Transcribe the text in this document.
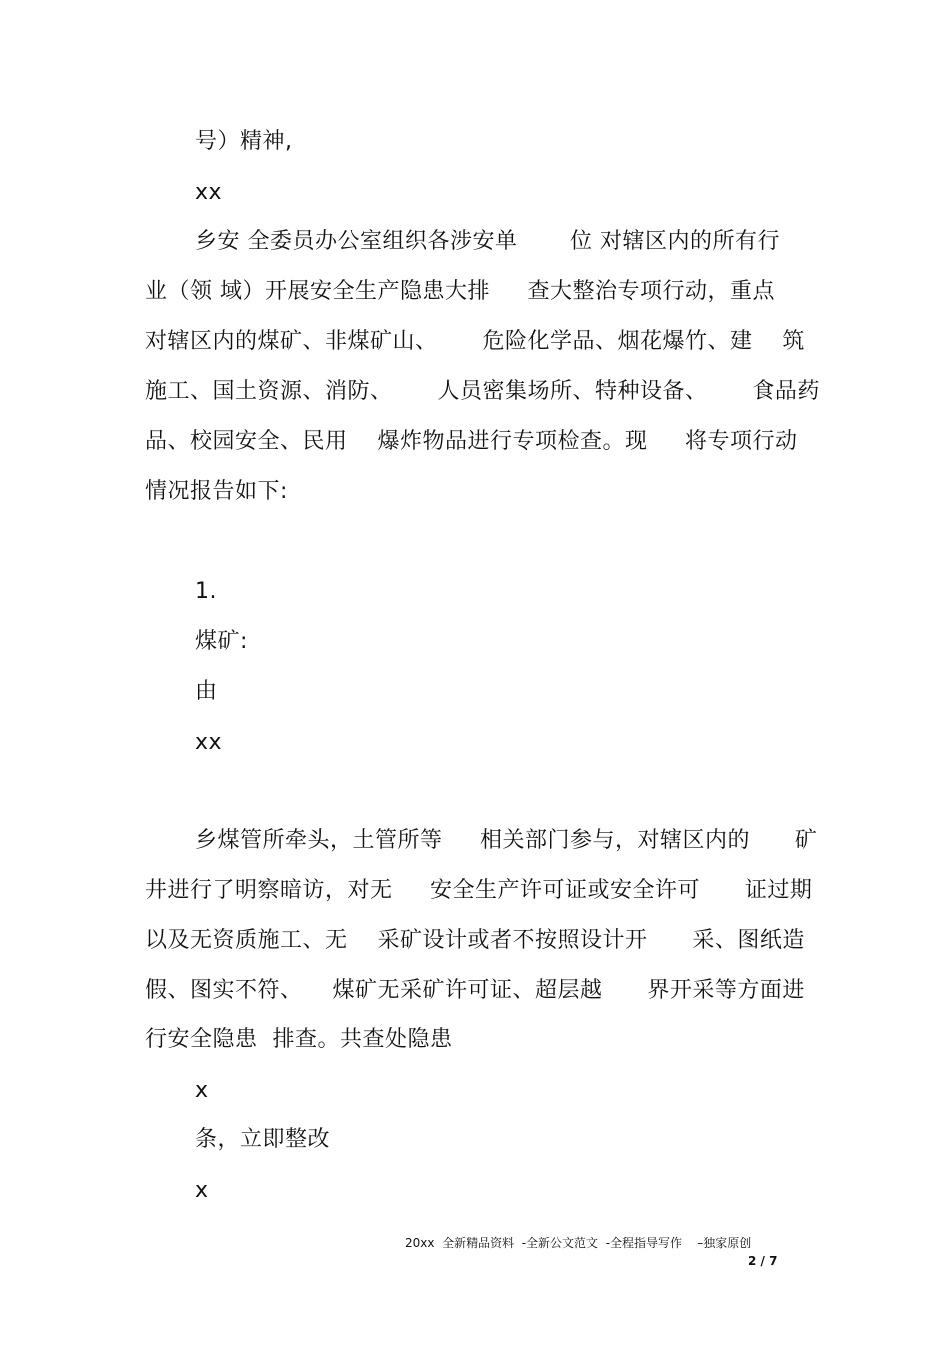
号）精神,
xx
乡安 全委员办公室组织各涉安单       位 对辖区内的所有行
业（领 域）开展安全生产隐患大排     查大整治专项行动，重点
对辖区内的煤矿、非煤矿山、      危险化学品、烟花爆竹、建    筑
施工、国土资源、消防、      人员密集场所、特种设备、      食品药
品、校园安全、民用    爆炸物品进行专项检查。现     将专项行动
情况报告如下:
1.
煤矿:
由
xx
乡煤管所牵头，土管所等     相关部门参与，对辖区内的      矿
井进行了明察暗访，对无     安全生产许可证或安全许可      证过期
以及无资质施工、无    采矿设计或者不按照设计开      采、图纸造
假、图实不符、    煤矿无采矿许可证、超层越      界开采等方面进
行安全隐患  排查。共查处隐患
x
条，立即整改
x
20xx  全新精品资料  -全新公文范文  -全程指导写作    –独家原创
2 / 7
